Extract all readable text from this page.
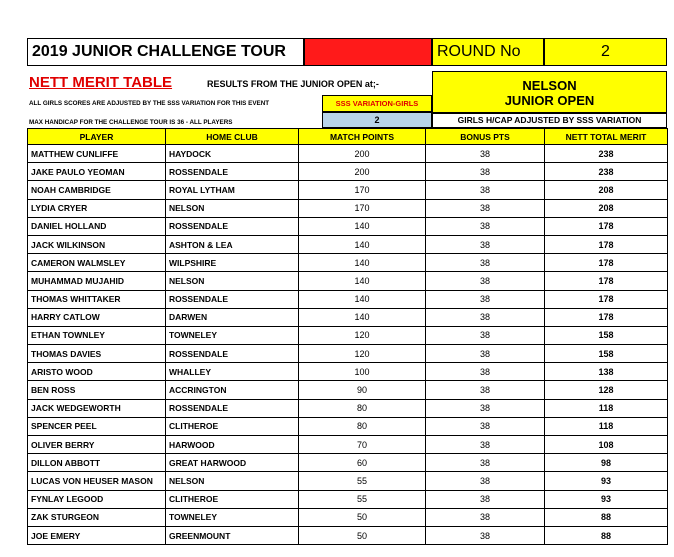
2019 JUNIOR CHALLENGE TOUR	ROUND No	2
NETT MERIT TABLE	RESULTS FROM THE JUNIOR OPEN at;-	NELSON
JUNIOR OPEN
ALL GIRLS SCORES ARE ADJUSTED BY THE SSS VARIATION FOR THIS EVENT	SSS VARIATION-GIRLS
MAX HANDICAP FOR THE CHALLENGE TOUR IS 36 - ALL PLAYERS	2	GIRLS H/CAP ADJUSTED BY SSS VARIATION
PLAYER	HOME CLUB	MATCH POINTS	BONUS PTS	NETT TOTAL MERIT
MATTHEW CUNLIFFE	HAYDOCK	200	38	238
JAKE PAULO YEOMAN	ROSSENDALE	200	38	238
NOAH CAMBRIDGE	ROYAL LYTHAM	170	38	208
LYDIA CRYER	NELSON	170	38	208
DANIEL HOLLAND	ROSSENDALE	140	38	178
JACK WILKINSON	ASHTON & LEA	140	38	178
CAMERON WALMSLEY	WILPSHIRE	140	38	178
MUHAMMAD MUJAHID	NELSON	140	38	178
THOMAS WHITTAKER	ROSSENDALE	140	38	178
HARRY CATLOW	DARWEN	140	38	178
ETHAN TOWNLEY	TOWNELEY	120	38	158
THOMAS DAVIES	ROSSENDALE	120	38	158
ARISTO WOOD	WHALLEY	100	38	138
BEN ROSS	ACCRINGTON	90	38	128
JACK WEDGEWORTH	ROSSENDALE	80	38	118
SPENCER PEEL	CLITHEROE	80	38	118
OLIVER BERRY	HARWOOD	70	38	108
DILLON ABBOTT	GREAT HARWOOD	60	38	98
LUCAS VON HEUSER MASON	NELSON	55	38	93
FYNLAY LEGOOD	CLITHEROE	55	38	93
ZAK STURGEON	TOWNELEY	50	38	88
JOE EMERY	GREENMOUNT	50	38	88
